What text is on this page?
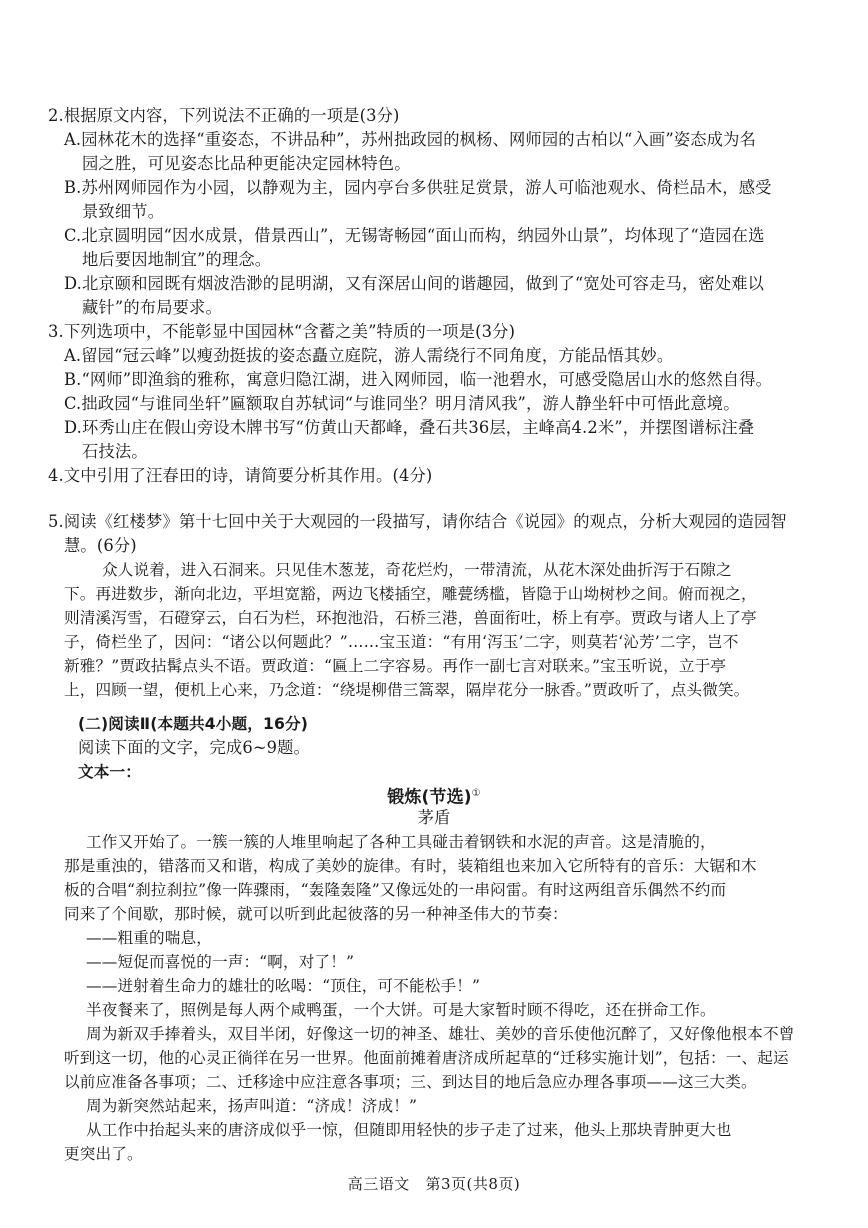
2.根据原文内容，下列说法不正确的一项是(3分)
A.园林花木的选择“重姿态，不讲品种”，苏州拙政园的枫杨、网师园的古柏以“入画”姿态成为名
园之胜，可见姿态比品种更能决定园林特色。
B.苏州网师园作为小园，以静观为主，园内亭台多供驻足赏景，游人可临池观水、倚栏品木，感受
景致细节。
C.北京圆明园“因水成景，借景西山”，无锡寄畅园“面山而构，纳园外山景”，均体现了“造园在选
地后要因地制宜”的理念。
D.北京颐和园既有烟波浩渺的昆明湖，又有深居山间的谐趣园，做到了“宽处可容走马，密处难以
藏针”的布局要求。
3.下列选项中，不能彰显中国园林“含蓄之美”特质的一项是(3分)
A.留园“冠云峰”以瘦劲挺拔的姿态矗立庭院，游人需绕行不同角度，方能品悟其妙。
B.“网师”即渔翁的雅称，寓意归隐江湖，进入网师园，临一池碧水，可感受隐居山水的悠然自得。
C.拙政园“与谁同坐轩”匾额取自苏轼词“与谁同坐？明月清风我”，游人静坐轩中可悟此意境。
D.环秀山庄在假山旁设木牌书写“仿黄山天都峰，叠石共36层，主峰高4.2米”，并摆图谱标注叠
石技法。
4.文中引用了汪春田的诗，请简要分析其作用。(4分)
5.阅读《红楼梦》第十七回中关于大观园的一段描写，请你结合《说园》的观点，分析大观园的造园智
慧。(6分)
众人说着，进入石洞来。只见佳木葱茏，奇花烂灼，一带清流，从花木深处曲折泻于石隙之
下。再进数步，渐向北边，平坦宽豁，两边飞楼插空，雕甍绣槛，皆隐于山坳树杪之间。俯而视之，
则清溪泻雪，石磴穿云，白石为栏，环抱池沿，石桥三港，兽面衔吐，桥上有亭。贾政与诸人上了亭
子，倚栏坐了，因问：“诸公以何题此？”……宝玉道：“有用‘泻玉’二字，则莫若‘沁芳’二字，岂不
新雅？”贾政拈髯点头不语。贾政道：“匾上二字容易。再作一副七言对联来。”宝玉听说，立于亭
上，四顾一望，便机上心来，乃念道：“绕堤柳借三篙翠，隔岸花分一脉香。”贾政听了，点头微笑。
(二)阅读Ⅱ(本题共4小题，16分)
阅读下面的文字，完成6~9题。
文本一：
锻炼(节选)①
茅盾
工作又开始了。一簇一簇的人堆里响起了各种工具碰击着钢铁和水泥的声音。这是清脆的，
那是重浊的，错落而又和谐，构成了美妙的旋律。有时，装箱组也来加入它所特有的音乐：大锯和木
板的合唱“刹拉刹拉”像一阵骤雨，“轰隆轰隆”又像远处的一串闷雷。有时这两组音乐偶然不约而
同来了个间歇，那时候，就可以听到此起彼落的另一种神圣伟大的节奏：
——粗重的喘息，
——短促而喜悦的一声：“啊，对了！”
——迸射着生命力的雄壮的吆喝：“顶住，可不能松手！”
半夜餐来了，照例是每人两个咸鸭蛋，一个大饼。可是大家暂时顾不得吃，还在拼命工作。
周为新双手捧着头，双目半闭，好像这一切的神圣、雄壮、美妙的音乐使他沉醉了，又好像他根本不曾
听到这一切，他的心灵正徜徉在另一世界。他面前摊着唐济成所起草的“迁移实施计划”，包括：一、起运
以前应准备各事项；二、迁移途中应注意各事项；三、到达目的地后急应办理各事项——这三大类。
周为新突然站起来，扬声叫道：“济成！济成！”
从工作中抬起头来的唐济成似乎一惊，但随即用轻快的步子走了过来，他头上那块青肿更大也
更突出了。
高三语文   第3页(共8页)
